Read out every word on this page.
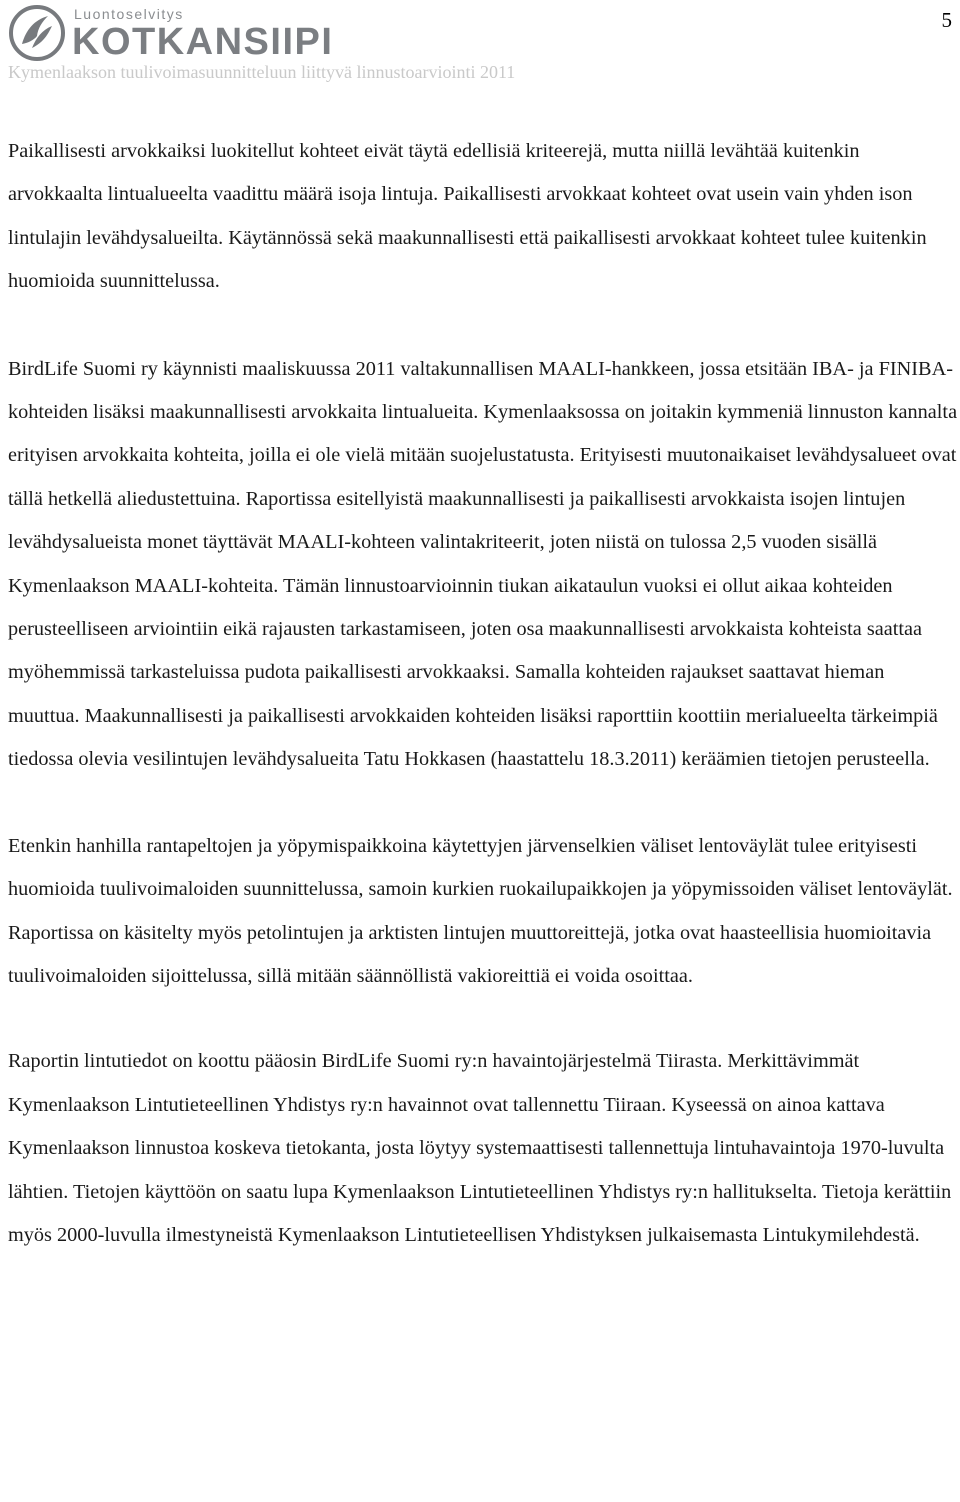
Luontoselvitys
KOTKANSIIPI
Kymenlaakson tuulivoimasuunnitteluun liittyvä linnustoarviointi 2011
5

Paikallisesti arvokkaiksi luokitellut kohteet eivät täytä edellisiä kriteerejä, mutta niillä levähtää kuitenkin arvokkaalta lintualueelta vaadittu määrä isoja lintuja. Paikallisesti arvokkaat kohteet ovat usein vain yhden ison lintulajin levähdysalueilta. Käytännössä sekä maakunnallisesti että paikallisesti arvokkaat kohteet tulee kuitenkin huomioida suunnittelussa.

BirdLife Suomi ry käynnisti maaliskuussa 2011 valtakunnallisen MAALI-hankkeen, jossa etsitään IBA- ja FINIBA-kohteiden lisäksi maakunnallisesti arvokkaita lintualueita. Kymenlaaksossa on joitakin kymmeniä linnuston kannalta erityisen arvokkaita kohteita, joilla ei ole vielä mitään suojelustatusta. Erityisesti muutonaikaiset levähdysalueet ovat tällä hetkellä aliedustettuina. Raportissa esitellyistä maakunnallisesti ja paikallisesti arvokkaista isojen lintujen levähdysalueista monet täyttävät MAALI-kohteen valintakriteerit, joten niistä on tulossa 2,5 vuoden sisällä Kymenlaakson MAALI-kohteita. Tämän linnustoarvioinnin tiukan aikataulun vuoksi ei ollut aikaa kohteiden perusteelliseen arviointiin eikä rajausten tarkastamiseen, joten osa maakunnallisesti arvokkaista kohteista saattaa myöhemmissä tarkasteluissa pudota paikallisesti arvokkaaksi. Samalla kohteiden rajaukset saattavat hieman muuttua. Maakunnallisesti ja paikallisesti arvokkaiden kohteiden lisäksi raporttiin koottiin merialueelta tärkeimpiä tiedossa olevia vesilintujen levähdysalueita Tatu Hokkasen (haastattelu 18.3.2011) keräämien tietojen perusteella.

Etenkin hanhilla rantapeltojen ja yöpymispaikkoina käytettyjen järvenselkien väliset lentoväylät tulee erityisesti huomioida tuulivoimaloiden suunnittelussa, samoin kurkien ruokailupaikkojen ja yöpymissoiden väliset lentoväylät. Raportissa on käsitelty myös petolintujen ja arktisten lintujen muuttoreittejä, jotka ovat haasteellisia huomioitavia tuulivoimaloiden sijoittelussa, sillä mitään säännöllistä vakioreittiä ei voida osoittaa.

Raportin lintutiedot on koottu pääosin BirdLife Suomi ry:n havaintojärjestelmä Tiirasta. Merkittävimmät Kymenlaakson Lintutieteellinen Yhdistys ry:n havainnot ovat tallennettu Tiiraan. Kyseessä on ainoa kattava Kymenlaakson linnustoa koskeva tietokanta, josta löytyy systemaattisesti tallennettuja lintuhavaintoja 1970-luvulta lähtien. Tietojen käyttöön on saatu lupa Kymenlaakson Lintutieteellinen Yhdistys ry:n hallitukselta. Tietoja kerättiin myös 2000-luvulla ilmestyneistä Kymenlaakson Lintutieteellisen Yhdistyksen julkaisemasta Lintukymilehdestä.
